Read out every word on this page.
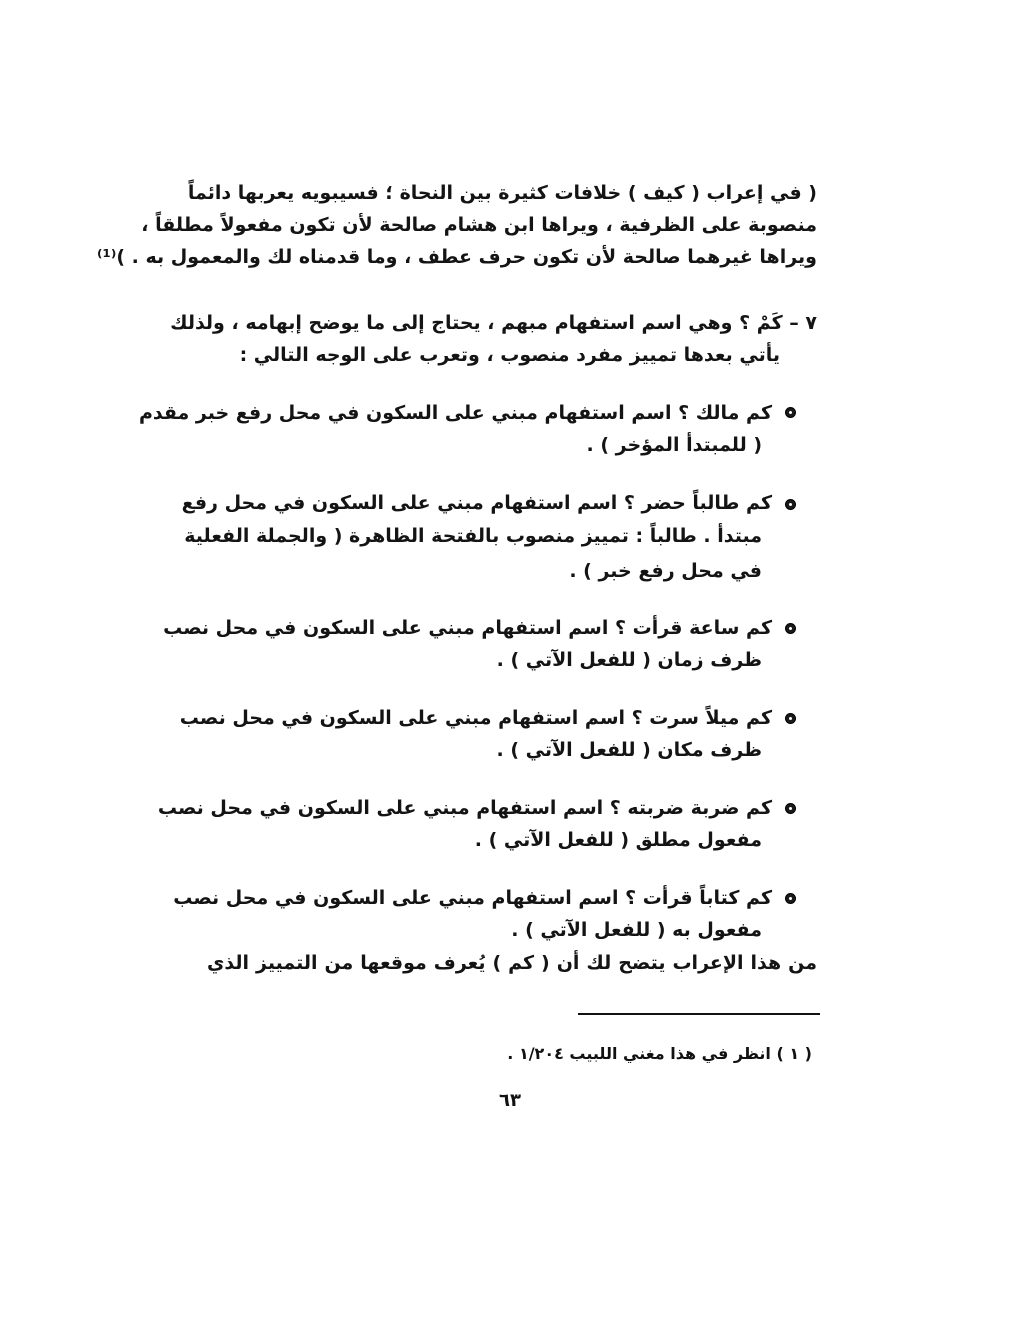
( في إعراب ( كيف ) خلافات كثيرة بين النحاة ؛ فسيبويه يعربها دائماً
منصوبة على الظرفية ، ويراها ابن هشام صالحة لأن تكون مفعولاً مطلقاً ،
ويراها غيرهما صالحة لأن تكون حرف عطف ، وما قدمناه لك والمعمول به . )⁽¹⁾
٧ – كَمْ ؟ وهي اسم استفهام مبهم ، يحتاج إلى ما يوضح إبهامه ، ولذلك
يأتي بعدها تمييز مفرد منصوب ، وتعرب على الوجه التالي :
كم مالك ؟ اسم استفهام مبني على السكون في محل رفع خبر مقدم
( للمبتدأ المؤخر ) .
كم طالباً حضر ؟ اسم استفهام مبني على السكون في محل رفع
مبتدأ . طالباً : تمييز منصوب بالفتحة الظاهرة ( والجملة الفعلية
في محل رفع خبر ) .
كم ساعة قرأت ؟ اسم استفهام مبني على السكون في محل نصب
ظرف زمان ( للفعل الآتي ) .
كم ميلاً سرت ؟ اسم استفهام مبني على السكون في محل نصب
ظرف مكان ( للفعل الآتي ) .
كم ضربة ضربته ؟ اسم استفهام مبني على السكون في محل نصب
مفعول مطلق ( للفعل الآتي ) .
كم كتاباً قرأت ؟ اسم استفهام مبني على السكون في محل نصب
مفعول به ( للفعل الآتي ) .
من هذا الإعراب يتضح لك أن ( كم ) يُعرف موقعها من التمييز الذي
( ١ ) انظر في هذا مغني اللبيب ١/٢٠٤ .
٦٣
